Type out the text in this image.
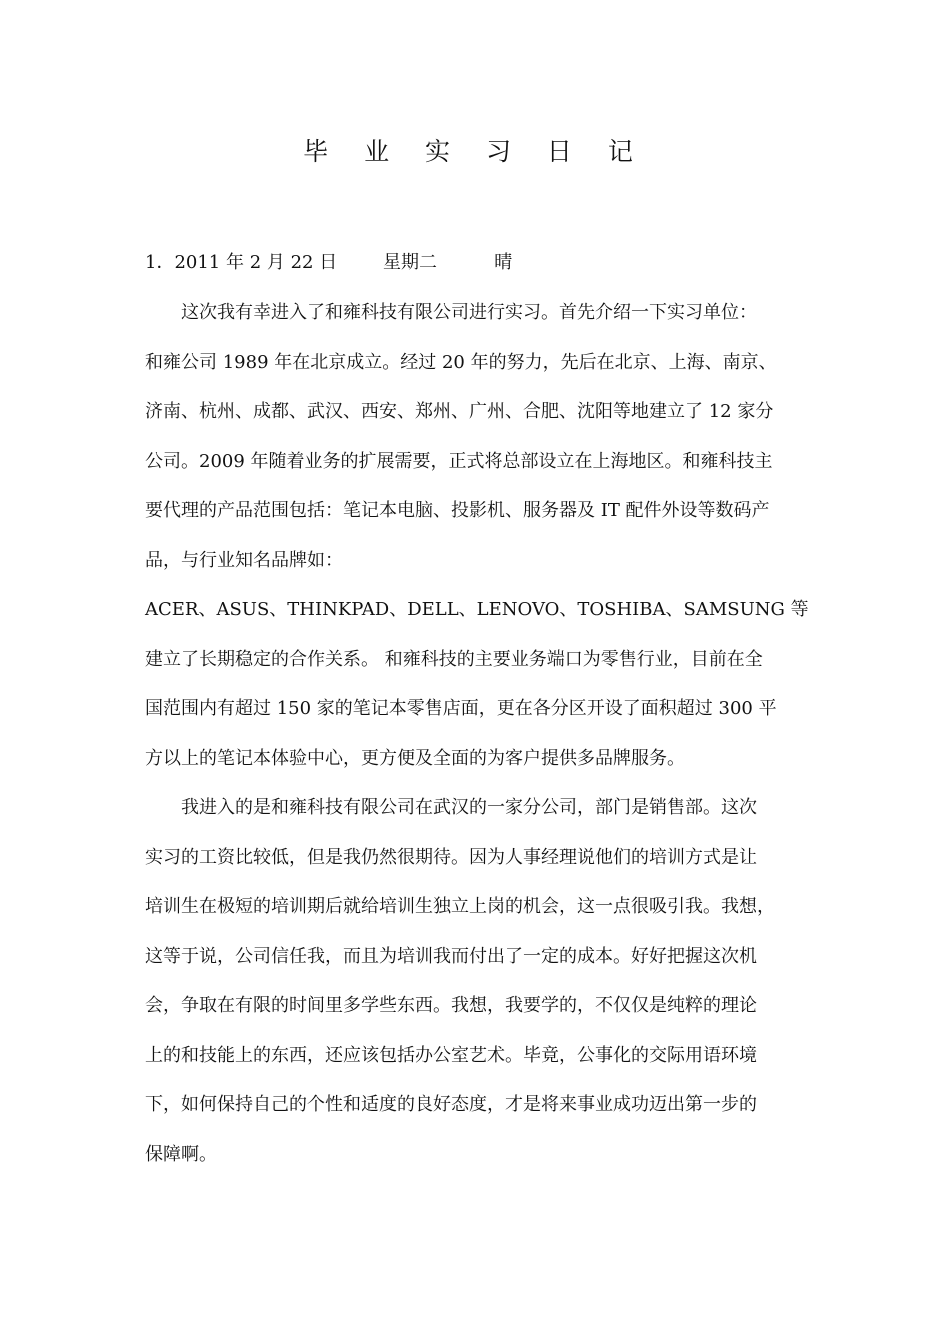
毕 业 实 习 日 记
1．2011 年 2 月 22 日        星期二          晴
这次我有幸进入了和雍科技有限公司进行实习。首先介绍一下实习单位：
和雍公司 1989 年在北京成立。经过 20 年的努力，先后在北京、上海、南京、
济南、杭州、成都、武汉、西安、郑州、广州、合肥、沈阳等地建立了 12 家分
公司。2009 年随着业务的扩展需要，正式将总部设立在上海地区。和雍科技主
要代理的产品范围包括：笔记本电脑、投影机、服务器及 IT 配件外设等数码产
品，与行业知名品牌如：
ACER、ASUS、THINKPAD、DELL、LENOVO、TOSHIBA、SAMSUNG 等
建立了长期稳定的合作关系。 和雍科技的主要业务端口为零售行业，目前在全
国范围内有超过 150 家的笔记本零售店面，更在各分区开设了面积超过 300 平
方以上的笔记本体验中心，更方便及全面的为客户提供多品牌服务。
我进入的是和雍科技有限公司在武汉的一家分公司，部门是销售部。这次
实习的工资比较低，但是我仍然很期待。因为人事经理说他们的培训方式是让
培训生在极短的培训期后就给培训生独立上岗的机会，这一点很吸引我。我想，
这等于说，公司信任我，而且为培训我而付出了一定的成本。好好把握这次机
会，争取在有限的时间里多学些东西。我想，我要学的，不仅仅是纯粹的理论
上的和技能上的东西，还应该包括办公室艺术。毕竟，公事化的交际用语环境
下，如何保持自己的个性和适度的良好态度，才是将来事业成功迈出第一步的
保障啊。
